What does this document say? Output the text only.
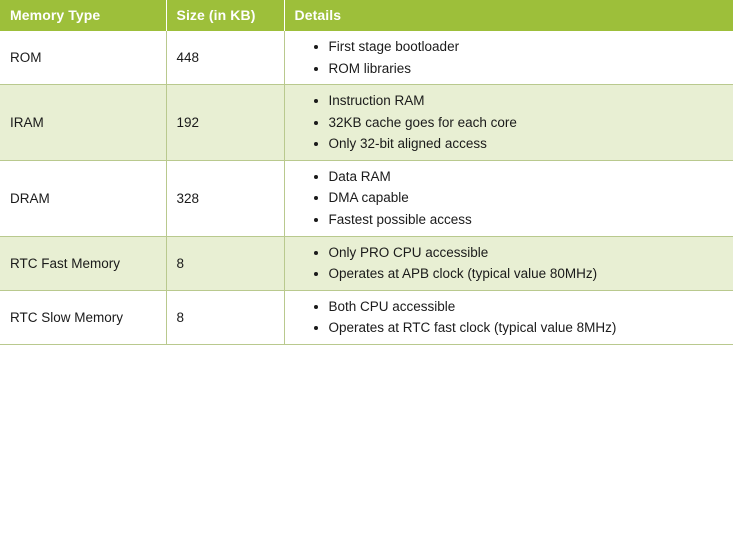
Memory Type	Size (in KB)	Details
ROM	448	
• First stage bootloader
• ROM libraries

IRAM	192	
• Instruction RAM
• 32KB cache goes for each core
• Only 32-bit aligned access

DRAM	328	
• Data RAM
• DMA capable
• Fastest possible access

RTC Fast Memory	8	
• Only PRO CPU accessible
• Operates at APB clock (typical value 80MHz)

RTC Slow Memory	8	
• Both CPU accessible
• Operates at RTC fast clock (typical value 8MHz)
